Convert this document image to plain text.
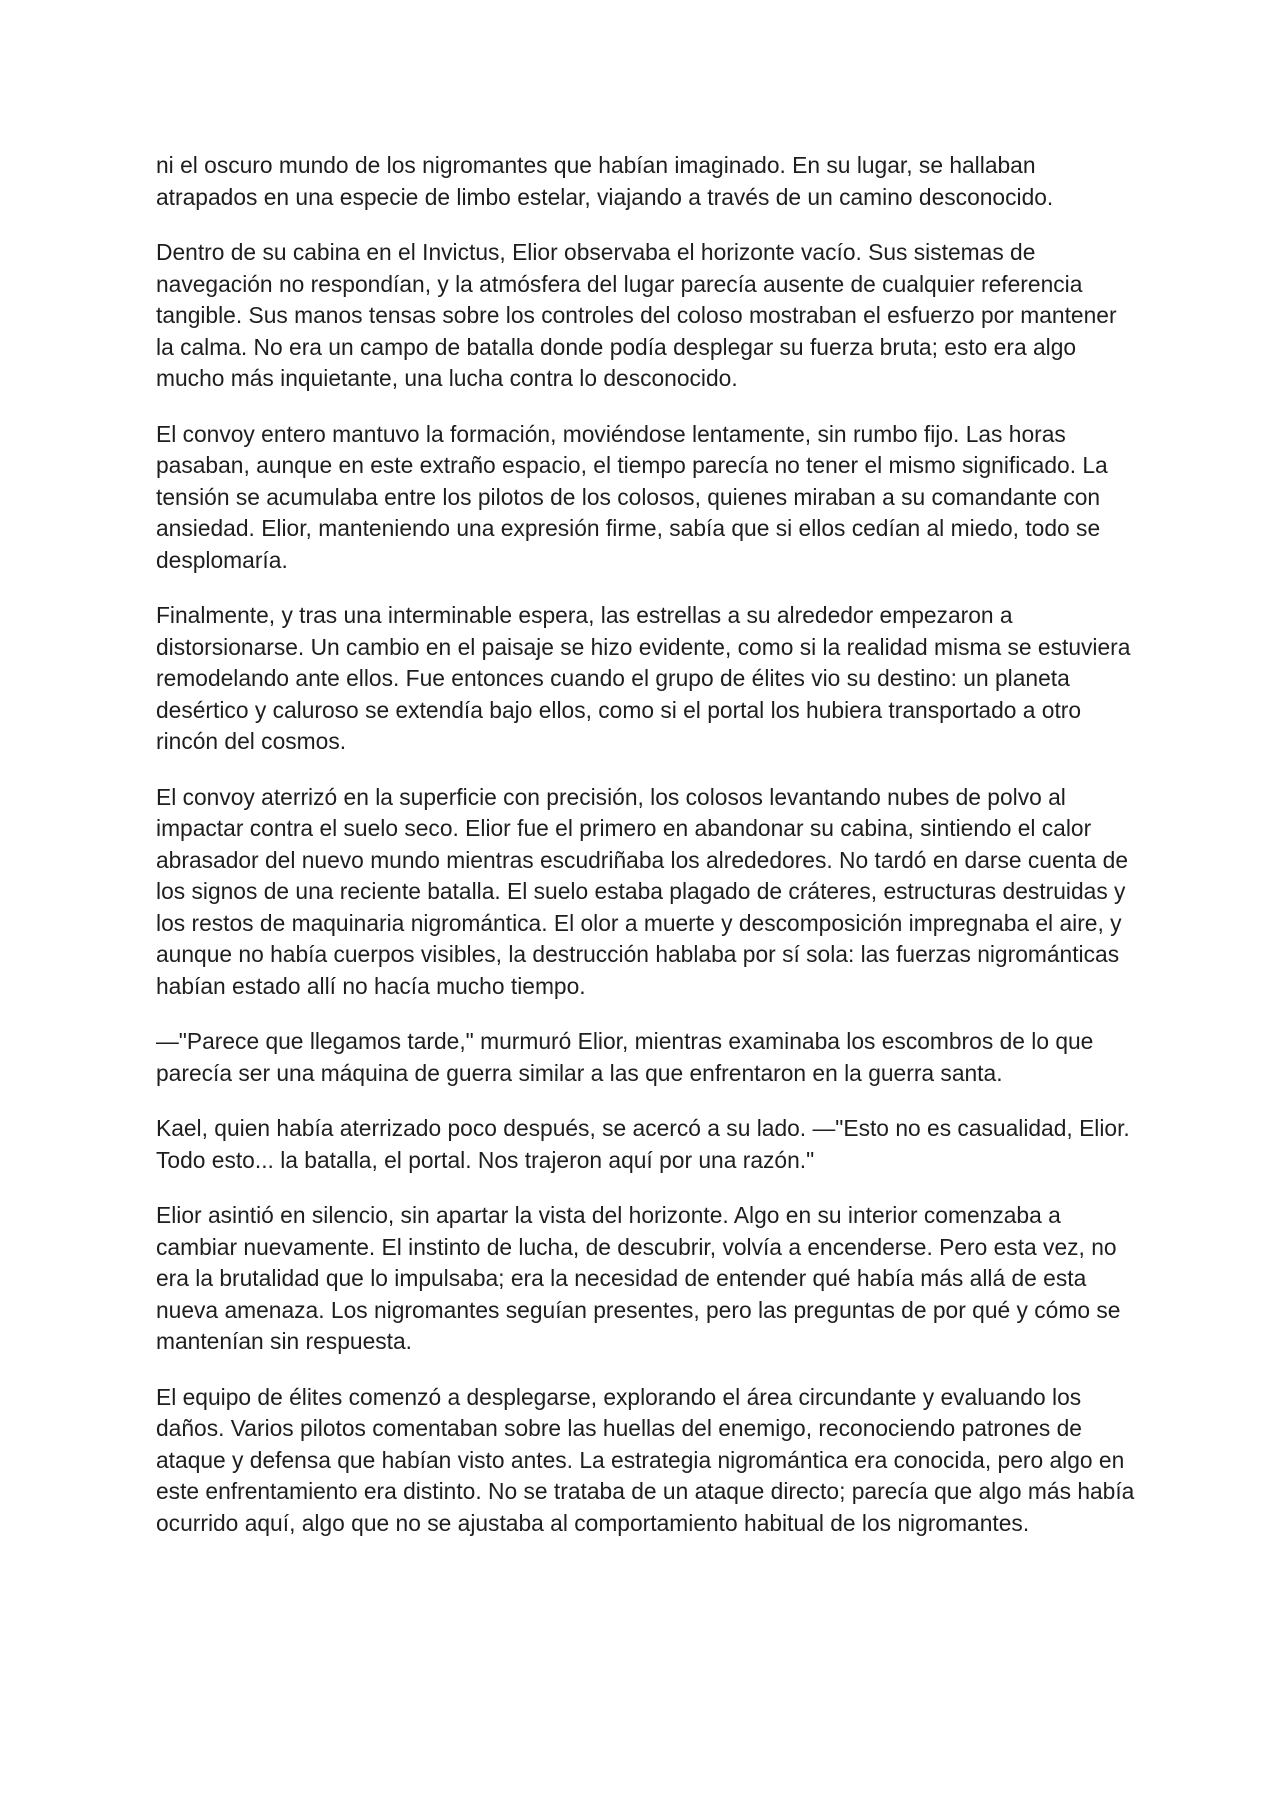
ni el oscuro mundo de los nigromantes que habían imaginado. En su lugar, se hallaban atrapados en una especie de limbo estelar, viajando a través de un camino desconocido.

Dentro de su cabina en el Invictus, Elior observaba el horizonte vacío. Sus sistemas de navegación no respondían, y la atmósfera del lugar parecía ausente de cualquier referencia tangible. Sus manos tensas sobre los controles del coloso mostraban el esfuerzo por mantener la calma. No era un campo de batalla donde podía desplegar su fuerza bruta; esto era algo mucho más inquietante, una lucha contra lo desconocido.

El convoy entero mantuvo la formación, moviéndose lentamente, sin rumbo fijo. Las horas pasaban, aunque en este extraño espacio, el tiempo parecía no tener el mismo significado. La tensión se acumulaba entre los pilotos de los colosos, quienes miraban a su comandante con ansiedad. Elior, manteniendo una expresión firme, sabía que si ellos cedían al miedo, todo se desplomaría.

Finalmente, y tras una interminable espera, las estrellas a su alrededor empezaron a distorsionarse. Un cambio en el paisaje se hizo evidente, como si la realidad misma se estuviera remodelando ante ellos. Fue entonces cuando el grupo de élites vio su destino: un planeta desértico y caluroso se extendía bajo ellos, como si el portal los hubiera transportado a otro rincón del cosmos.

El convoy aterrizó en la superficie con precisión, los colosos levantando nubes de polvo al impactar contra el suelo seco. Elior fue el primero en abandonar su cabina, sintiendo el calor abrasador del nuevo mundo mientras escudriñaba los alrededores. No tardó en darse cuenta de los signos de una reciente batalla. El suelo estaba plagado de cráteres, estructuras destruidas y los restos de maquinaria nigromántica. El olor a muerte y descomposición impregnaba el aire, y aunque no había cuerpos visibles, la destrucción hablaba por sí sola: las fuerzas nigrománticas habían estado allí no hacía mucho tiempo.

—"Parece que llegamos tarde," murmuró Elior, mientras examinaba los escombros de lo que parecía ser una máquina de guerra similar a las que enfrentaron en la guerra santa.

Kael, quien había aterrizado poco después, se acercó a su lado. —"Esto no es casualidad, Elior. Todo esto... la batalla, el portal. Nos trajeron aquí por una razón."

Elior asintió en silencio, sin apartar la vista del horizonte. Algo en su interior comenzaba a cambiar nuevamente. El instinto de lucha, de descubrir, volvía a encenderse. Pero esta vez, no era la brutalidad que lo impulsaba; era la necesidad de entender qué había más allá de esta nueva amenaza. Los nigromantes seguían presentes, pero las preguntas de por qué y cómo se mantenían sin respuesta.

El equipo de élites comenzó a desplegarse, explorando el área circundante y evaluando los daños. Varios pilotos comentaban sobre las huellas del enemigo, reconociendo patrones de ataque y defensa que habían visto antes. La estrategia nigromántica era conocida, pero algo en este enfrentamiento era distinto. No se trataba de un ataque directo; parecía que algo más había ocurrido aquí, algo que no se ajustaba al comportamiento habitual de los nigromantes.
